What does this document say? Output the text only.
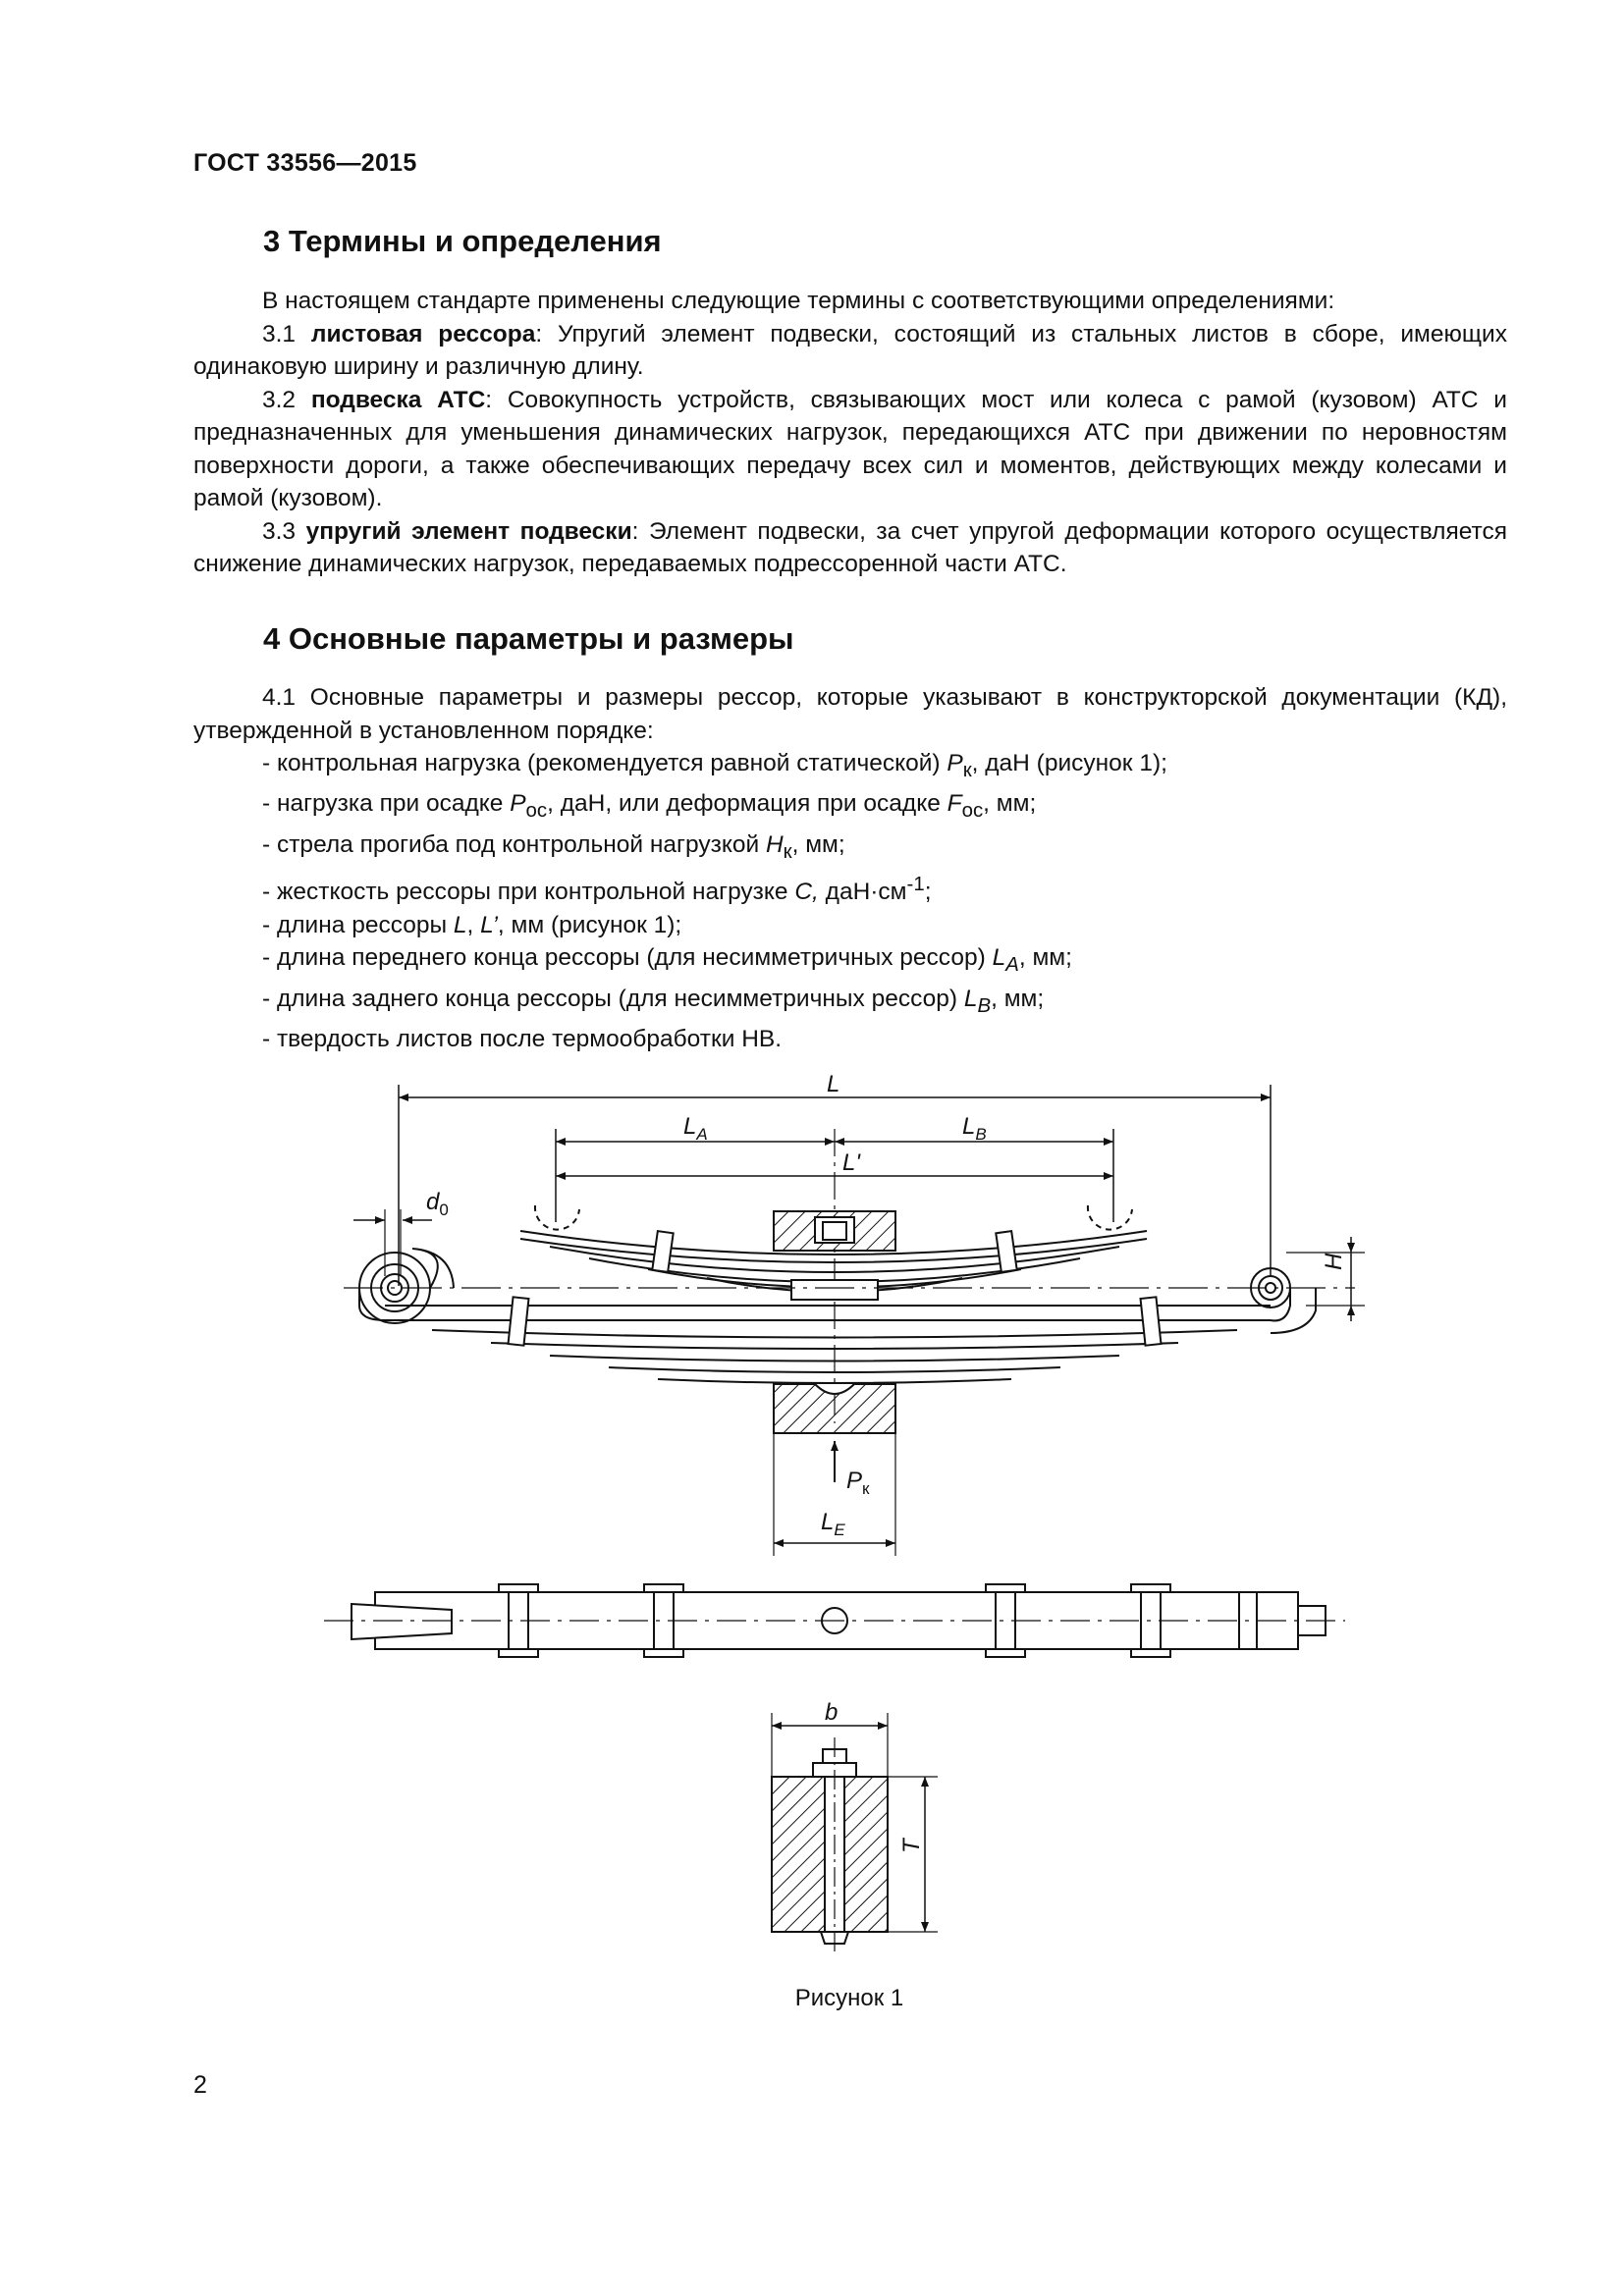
ГОСТ 33556—2015
3 Термины и определения

В настоящем стандарте применены следующие термины с соответствующими определениями:

3.1 листовая рессора: Упругий элемент подвески, состоящий из стальных листов в сборе, имеющих одинаковую ширину и различную длину.

3.2 подвеска АТС: Совокупность устройств, связывающих мост или колеса с рамой (кузовом) АТС и предназначенных для уменьшения динамических нагрузок, передающихся АТС при движении по неровностям поверхности дороги, а также обеспечивающих передачу всех сил и моментов, действующих между колесами и рамой (кузовом).

3.3 упругий элемент подвески: Элемент подвески, за счет упругой деформации которого осуществляется снижение динамических нагрузок, передаваемых подрессоренной части АТС.

4 Основные параметры и размеры

4.1 Основные параметры и размеры рессор, которые указывают в конструкторской документации (КД), утвержденной в установленном порядке:

- контрольная нагрузка (рекомендуется равной статической) $P_к$, даН (рисунок 1);
- нагрузка при осадке $P_{ос}$, даН, или деформация при осадке $F_{ос}$, мм;
- стрела прогиба под контрольной нагрузкой $H_к$, мм;
- жесткость рессоры при контрольной нагрузке C, $даН\cdot см^{-1}$;
- длина рессоры L, L’, мм (рисунок 1);
- длина переднего конца рессоры (для несимметричных рессор) $L_A$, мм;
- длина заднего конца рессоры (для несимметричных рессор) $L_B$, мм;
- твердость листов после термообработки НВ.
L
$L_A$	$L_B$
L'
$d_0$
H
$P_к$
$L_E$
b
T
Рисунок 1
2
